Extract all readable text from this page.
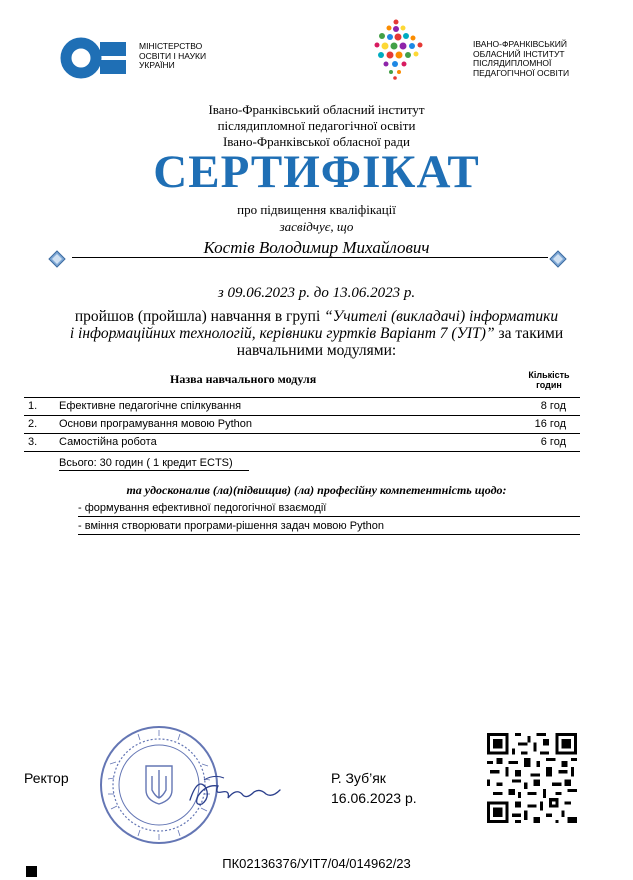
МІНІСТЕРСТВО
ОСВІТИ І НАУКИ
УКРАЇНИ
ІВАНО-ФРАНКІВСЬКИЙ
ОБЛАСНИЙ ІНСТИТУТ
ПІСЛЯДИПЛОМНОЇ
ПЕДАГОГІЧНОЇ ОСВІТИ
Івано-Франківський обласний інститут
післядипломної педагогічної освіти
Івано-Франківської обласної ради
СЕРТИФІКАТ
про підвищення кваліфікації
засвідчує, що
Костів Володимир Михайлович
з 09.06.2023 р. до 13.06.2023 р.
пройшов (пройшла) навчання в групі “Учителі (викладачі) інформатики
і інформаційних технологій, керівники гуртків Варіант 7 (УІТ)” за такими
навчальними модулями:
Назва навчального модуля	Кількість
годин
1. Ефективне педагогічне спілкування	8 год
2. Основи програмування мовою Python	16 год
3. Самостійна робота	6 год
Всього: 30 годин ( 1 кредит ECTS)
та удосконалив (ла)(підвищив) (ла) професійну компетентність щодо:
- формування ефективної педогогічної взаємодії
- вміння створювати програми-рішення задач мовою Python
Ректор	Р. Зуб’як
16.06.2023 р.
ПК02136376/УІТ7/04/014962/23
